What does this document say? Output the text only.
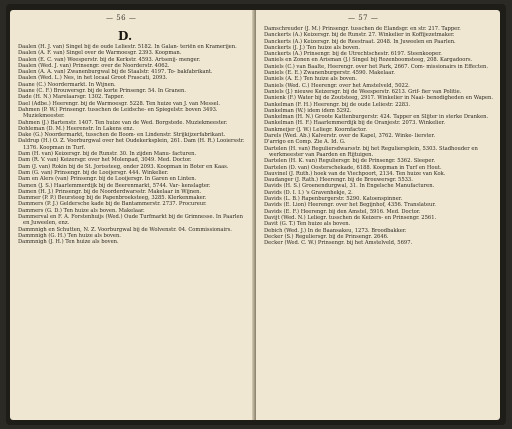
— 56 —
D.

Daalen (H. J. van) Singel bij de oude Leliestr. 5182. In Galan- teriën en Kramerijen.

Daalen (A. F. van) Singel over de Warmoesgr. 2393. Koopman.

Daalen (E. C. van) Weesperstr. bij de Kerkstr. 4593. Artsenij- menger.

Daalen (Wed. J. van) Prinsengr. over de Noorderstr. 4062.

Daalen (A. A. van) Zwanenburgwal bij de Staalstr. 4197. To- bakfabrikant.

Daalen (Wed. L.) Nes, in het locaal Groot Frascati, 2093.

Daane (C.) Noordermarkt. In Wijnen.

Daane (C. F.) Brouwersgr. bij de korte Prinsengr. 54. In Granen.

Dade (H. N.) Marelaarsgr. 1302. Tapper.

Dael (Adbe.) Heerengr. bij de Warmoesgr. 5228. Ten huize van J. van Messel.

Dahmen (P. W.) Prinsengr. tusschen de Leidsche- en Spiegelstr. boven 3493. Muziekmeester.

Dahmen (J.) Bartenstr. 1407. Ten huize van de Wed. Borgstede. Muziekmeester.

Dohleman (D. M.) Heerenstr. In Lakens enz.

Dake (G.) Noordermarkt, tusschen de Boom- en Lindenstr. Strijkijzerfabrikant.

Daldrup (H.) O. Z. Voorburgwal over het Oudekerksplein, 261. Dam (H. R.) Looiersstr. 1376. Koopman in Turf.

Dam (H. van) Keizersgr. bij de Runstr. 30. In zijden Manu- facturen.

Dam (R. V. van) Keizersgr. over het Molenpad, 3049. Med. Doctor.

Dam (J. van) Rokin bij de St. Jorissteeg, onder 2093. Koopman in Boter en Kaas.

Dam (G. van) Prinsengr. bij de Looijersgr. 444. Winkelier.

Dam en Alers (van) Prinsengr. bij de Looijersgr. In Garen en Linten.

Damen (J. S.) Haarlemmerdijk bij de Beerenmarkt, 5744. Var- kenslagter.

Damen (H. J.) Prinsengr. bij de Noorderdwarsstr. Makelaar in Wijnen.

Dammer (P. P.) Beursteeg bij de Papenbroeksteeg, 3285. Klerkenmaker.

Dammers (P. J.) Geldersche kade bij de Bantammerstr. 2737. Procureur.

Dammers (G. D.) Ten huize als boven. Makelaar.

Dammerval en F. A. Forstenhuijs (Wed.) Oude Turfmarkt bij de Grimnesse. In Paarlen en Juweelen, enz.

Dammnigh en Schutten, N. Z. Voorburgwal bij de Wolvenstr. 04. Commissionairs.

Dammnigh (G. H.) Ten huize als boven.

Dammnigh (J. H.) Ten huize als boven.

— 57 —

Damschreuder (J. M.) Prinsengr. tusschen de Elandsgr. en str. 217. Tapper.

Danckerts (A.) Keizersgr. bij de Runstr. 27. Winkelier in Koffijezetmaker.

Danckerts (A.) Keizersgr. bij de Reestraat. 2048. In Juweelen en Paarlen.

Danckerts (J. J.) Ten huize als boven.

Danckerts (A.) Prinsengr. bij de Utrechtschestr. 6197. Steenkooper.

Daniels en Zonen en Arisman (J.) Singel bij Rozenboomsteeg, 208. Kargadoors.

Daniels (C.) van Baalte, Heerengr. over het Park, 2667. Com- missionairs in Effecten.

Daniels (E. E.) Zwanenburgerstr. 4590. Makelaar.

Daniels (A. E.) Ten huize als boven.

Daniels (Wed. C.) Heerengr. over het Amstelveld, 5022.

Daniels (J.) nieuwe Keizersgr. bij de Weesperstr. 6213. Grif- fier van Politie.

Danienk (F.) Water bij de Zoutsteeg, 2917. Winkelier in Naai- benodigheden en Wapen.

Dankelman (F. H.) Heerengr. bij de oude Leliestr. 2283.

Dankelman (W.) idem idem 5292.

Dankelman (H. N.) Groote Kattenburgerstr. 424. Tapper en Slijter in sterke Dranken.

Dankelman (H. F.) Haarlemmerdijk bij de Oranjestr. 2073. Winkelier.

Dankmeijer (J. W.) Leliegr. Koornfactor.

Darels (Wed. Ab.) Kalverstr. over de Kapel, 3762. Winke- lierster.

D'arrigo en Comp. Zie A. Id. G.

Dartelen (H. van) Reguliersdwarsstr. bij het Reguliersplein, 5303. Stadhouder en werkmeester van Paarden en Rijtuigen.

Dartelen (H. K. van) Reguliersgr. bij de Prinsengr. 5362. Sleeper.

Dartelen (D. van) Oosterschekade, 6188. Koopman in Turf en Hout.

Dauvinel (J. Ruth.) hoek van de Viechpoort, 2134. Ten huize van Kok.

Daudanger (J. Rath.) Heerengr. bij de Brouwersgr. 5533.

Davids (H. S.) Groenendurgwal, 31. In Engelsche Manufacturen.

Davids (D. I. I.) 's Gravenhekje, 2.

Davids (L. B.) Rapenburgerstr. 5290. Katoenspinner.

Davids (E. Lion) Heerengr. over het Begijnhof, 4356. Translateur.

Davids (E. F.) Heerengr. bij den Amstel, 5916. Med. Doctor.

Davijt (Wed. N.) Leliegr. tusschen de Keizers- en Prinsengr. 2561.

Davit (G. T.) Ten huize als boven.

Debich (Wed. J.) In de Baansakeu, 1273. Broodbakker.

Decker (S.) Reguliersgr. bij de Prinsengr. 2646.

Decker (Wed. C. W.) Prinsengr. bij het Amstelveld, 5697.
